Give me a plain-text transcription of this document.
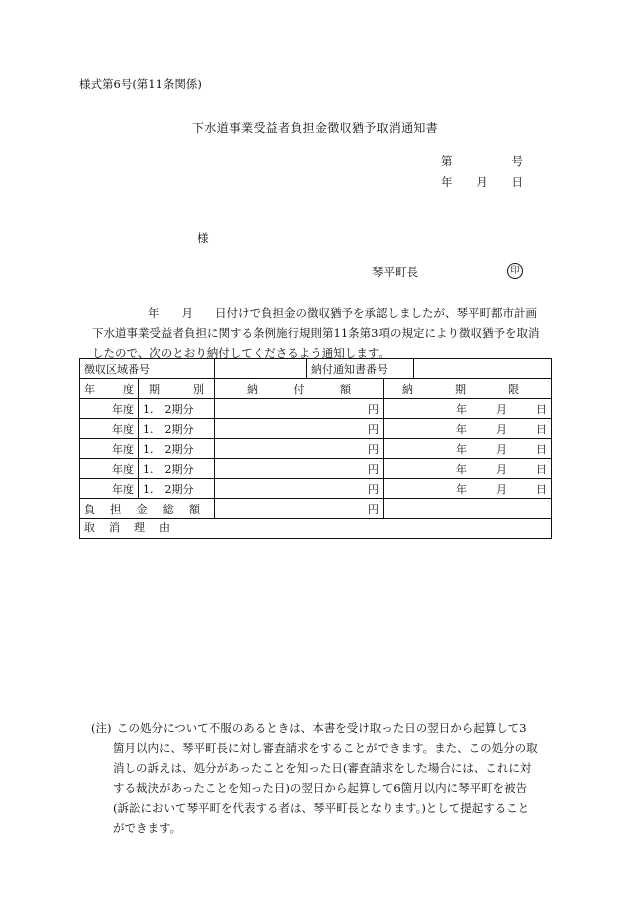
様式第6号(第11条関係)
下水道事業受益者負担金徴収猶予取消通知書
第	号
年 月 日
様
琴平町長	印
年 月 日付けで負担金の徴収猶予を承認しましたが、琴平町都市計画
下水道事業受益者負担に関する条例施行規則第11条第3項の規定により徴収猶予を取消
したので、次のとおり納付してくださるよう通知します。
徴収区域番号			納付通知書番号		

年 度	期 別	納 付 額		納 期 限	

年度	1.　2期分	円		年 月 日	

年度	1.　2期分	円		年 月 日	

年度	1.　2期分	円		年 月 日	

年度	1.　2期分	円		年 月 日	

年度	1.　2期分	円		年 月 日	

負 担 金 総 額		円			

取 消 理 由					
(注) この処分について不服のあるときは、本書を受け取った日の翌日から起算して3
箇月以内に、琴平町長に対し審査請求をすることができます。また、この処分の取
消しの訴えは、処分があったことを知った日(審査請求をした場合には、これに対
する裁決があったことを知った日)の翌日から起算して6箇月以内に琴平町を被告
(訴訟において琴平町を代表する者は、琴平町長となります。)として提起すること
ができます。
